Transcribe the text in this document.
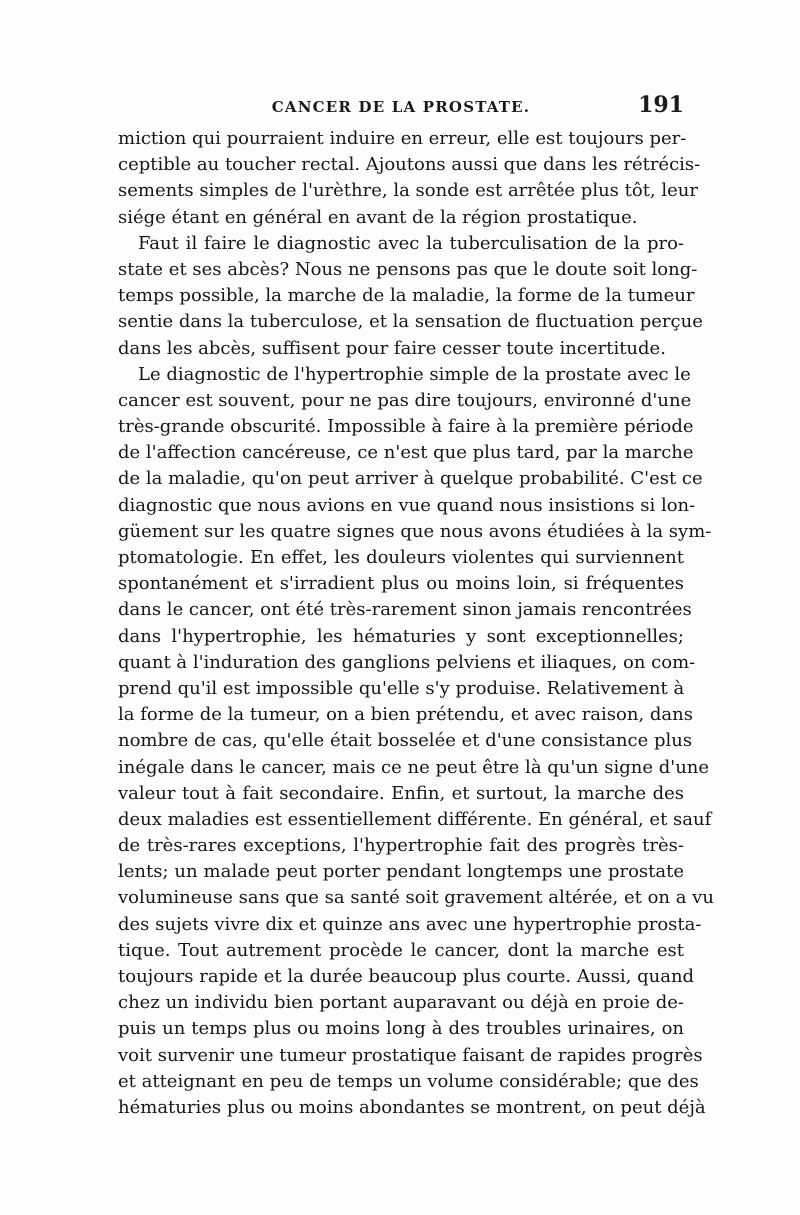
CANCER DE LA PROSTATE.	191
miction qui pourraient induire en erreur, elle est toujours per-
ceptible au toucher rectal. Ajoutons aussi que dans les rétrécis-
sements simples de l'urèthre, la sonde est arrêtée plus tôt, leur
siége étant en général en avant de la région prostatique.
Faut il faire le diagnostic avec la tuberculisation de la pro-
state et ses abcès? Nous ne pensons pas que le doute soit long-
temps possible, la marche de la maladie, la forme de la tumeur
sentie dans la tuberculose, et la sensation de fluctuation perçue
dans les abcès, suffisent pour faire cesser toute incertitude.
Le diagnostic de l'hypertrophie simple de la prostate avec le
cancer est souvent, pour ne pas dire toujours, environné d'une
très-grande obscurité. Impossible à faire à la première période
de l'affection cancéreuse, ce n'est que plus tard, par la marche
de la maladie, qu'on peut arriver à quelque probabilité. C'est ce
diagnostic que nous avions en vue quand nous insistions si lon-
güement sur les quatre signes que nous avons étudiées à la sym-
ptomatologie. En effet, les douleurs violentes qui surviennent
spontanément et s'irradient plus ou moins loin, si fréquentes
dans le cancer, ont été très-rarement sinon jamais rencontrées
dans l'hypertrophie, les hématuries y sont exceptionnelles;
quant à l'induration des ganglions pelviens et iliaques, on com-
prend qu'il est impossible qu'elle s'y produise. Relativement à
la forme de la tumeur, on a bien prétendu, et avec raison, dans
nombre de cas, qu'elle était bosselée et d'une consistance plus
inégale dans le cancer, mais ce ne peut être là qu'un signe d'une
valeur tout à fait secondaire. Enfin, et surtout, la marche des
deux maladies est essentiellement différente. En général, et sauf
de très-rares exceptions, l'hypertrophie fait des progrès très-
lents; un malade peut porter pendant longtemps une prostate
volumineuse sans que sa santé soit gravement altérée, et on a vu
des sujets vivre dix et quinze ans avec une hypertrophie prosta-
tique. Tout autrement procède le cancer, dont la marche est
toujours rapide et la durée beaucoup plus courte. Aussi, quand
chez un individu bien portant auparavant ou déjà en proie de-
puis un temps plus ou moins long à des troubles urinaires, on
voit survenir une tumeur prostatique faisant de rapides progrès
et atteignant en peu de temps un volume considérable; que des
hématuries plus ou moins abondantes se montrent, on peut déjà
